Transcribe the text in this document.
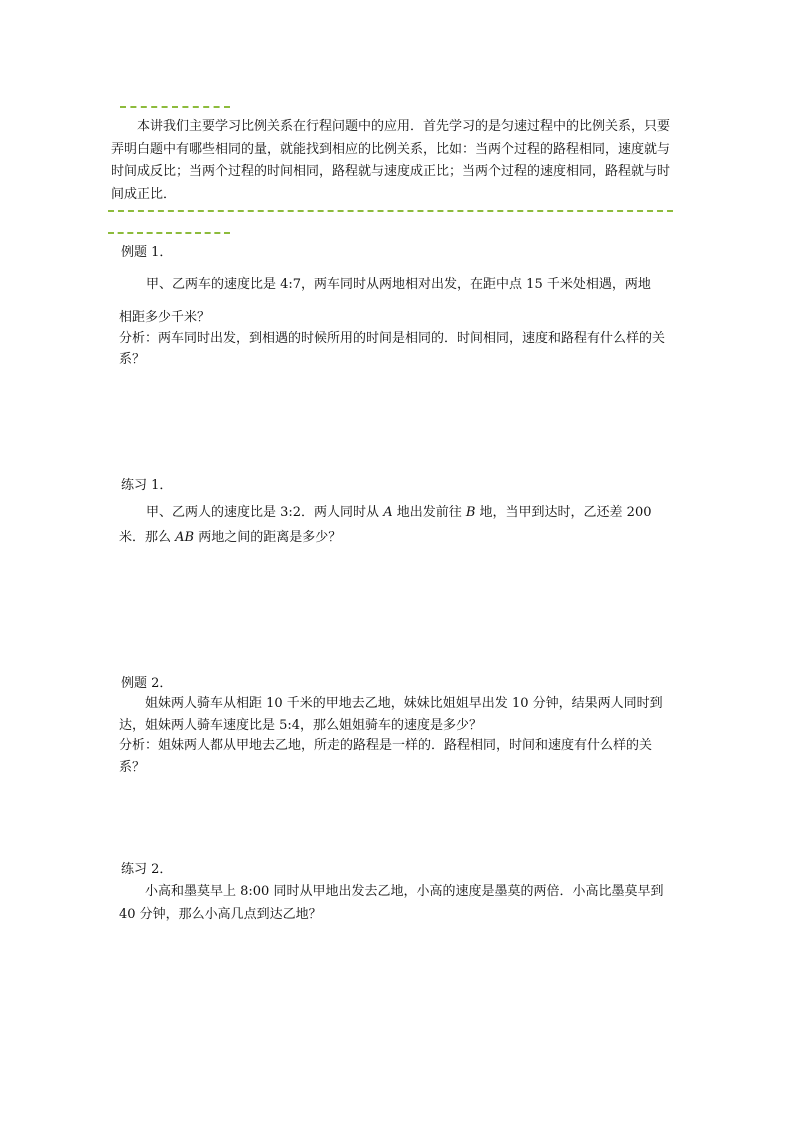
本讲我们主要学习比例关系在行程问题中的应用．首先学习的是匀速过程中的比例关系，只要弄明白题中有哪些相同的量，就能找到相应的比例关系，比如：当两个过程的路程相同，速度就与时间成反比；当两个过程的时间相同，路程就与速度成正比；当两个过程的速度相同，路程就与时间成正比．
例题 1．
甲、乙两车的速度比是 4:7，两车同时从两地相对出发，在距中点 15 千米处相遇，两地
相距多少千米？
分析：两车同时出发，到相遇的时候所用的时间是相同的．时间相同，速度和路程有什么样的关系？
练习 1．
甲、乙两人的速度比是 3:2．两人同时从 A 地出发前往 B 地，当甲到达时，乙还差 200
米．那么 AB 两地之间的距离是多少？
例题 2．
姐妹两人骑车从相距 10 千米的甲地去乙地，妹妹比姐姐早出发 10 分钟，结果两人同时到达，姐妹两人骑车速度比是 5:4，那么姐姐骑车的速度是多少？
分析：姐妹两人都从甲地去乙地，所走的路程是一样的．路程相同，时间和速度有什么样的关系？
练习 2．
小高和墨莫早上 8:00 同时从甲地出发去乙地，小高的速度是墨莫的两倍．小高比墨莫早到 40 分钟，那么小高几点到达乙地？
